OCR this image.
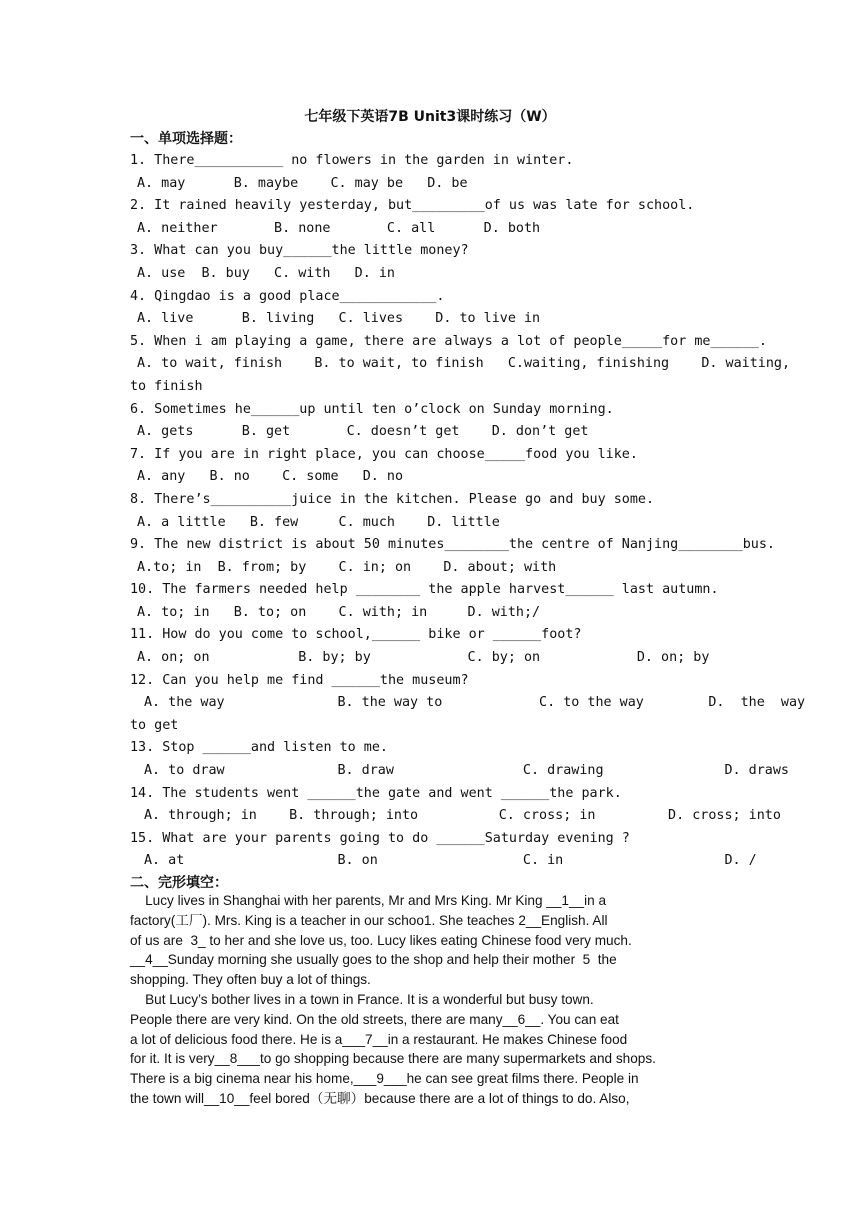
七年级下英语7B Unit3课时练习（W）
一、单项选择题：
1. There___________ no flowers in the garden in winter.
A. may      B. maybe    C. may be   D. be
2. It rained heavily yesterday, but_________of us was late for school.
A. neither       B. none       C. all      D. both
3. What can you buy______the little money?
A. use  B. buy   C. with   D. in
4. Qingdao is a good place____________.
A. live      B. living   C. lives    D. to live in
5. When i am playing a game, there are always a lot of people_____for me______.
A. to wait, finish    B. to wait, to finish   C.waiting, finishing    D. waiting,
to finish
6. Sometimes he______up until ten o’clock on Sunday morning.
A. gets      B. get       C. doesn’t get    D. don’t get
7. If you are in right place, you can choose_____food you like.
A. any   B. no    C. some   D. no
8. There’s__________juice in the kitchen. Please go and buy some.
A. a little   B. few     C. much    D. little
9. The new district is about 50 minutes________the centre of Nanjing________bus.
A.to; in  B. from; by    C. in; on    D. about; with
10. The farmers needed help ________ the apple harvest______ last autumn.
A. to; in   B. to; on    C. with; in     D. with;/
11. How do you come to school,______ bike or ______foot?
A. on; on           B. by; by            C. by; on            D. on; by
12. Can you help me find ______the museum?
A. the way              B. the way to            C. to the way        D.  the  way
to get
13. Stop ______and listen to me.
A. to draw              B. draw                C. drawing               D. draws
14. The students went ______the gate and went ______the park.
A. through; in    B. through; into          C. cross; in         D. cross; into
15. What are your parents going to do ______Saturday evening ?
A. at                   B. on                  C. in                    D. /
二、完形填空：
Lucy lives in Shanghai with her parents, Mr and Mrs King. Mr King __1__in a
factory(工厂). Mrs. King is a teacher in our schoo1. She teaches 2__English. All
of us are  3_ to her and she love us, too. Lucy likes eating Chinese food very much.
__4__Sunday morning she usually goes to the shop and help their mother  5  the
shopping. They often buy a lot of things.
But Lucy’s bother lives in a town in France. It is a wonderful but busy town.
People there are very kind. On the old streets, there are many__6__. You can eat
a lot of delicious food there. He is a___7__in a restaurant. He makes Chinese food
for it. It is very__8___to go shopping because there are many supermarkets and shops.
There is a big cinema near his home,___9___he can see great films there. People in
the town will__10__feel bored（无聊）because there are a lot of things to do. Also,
